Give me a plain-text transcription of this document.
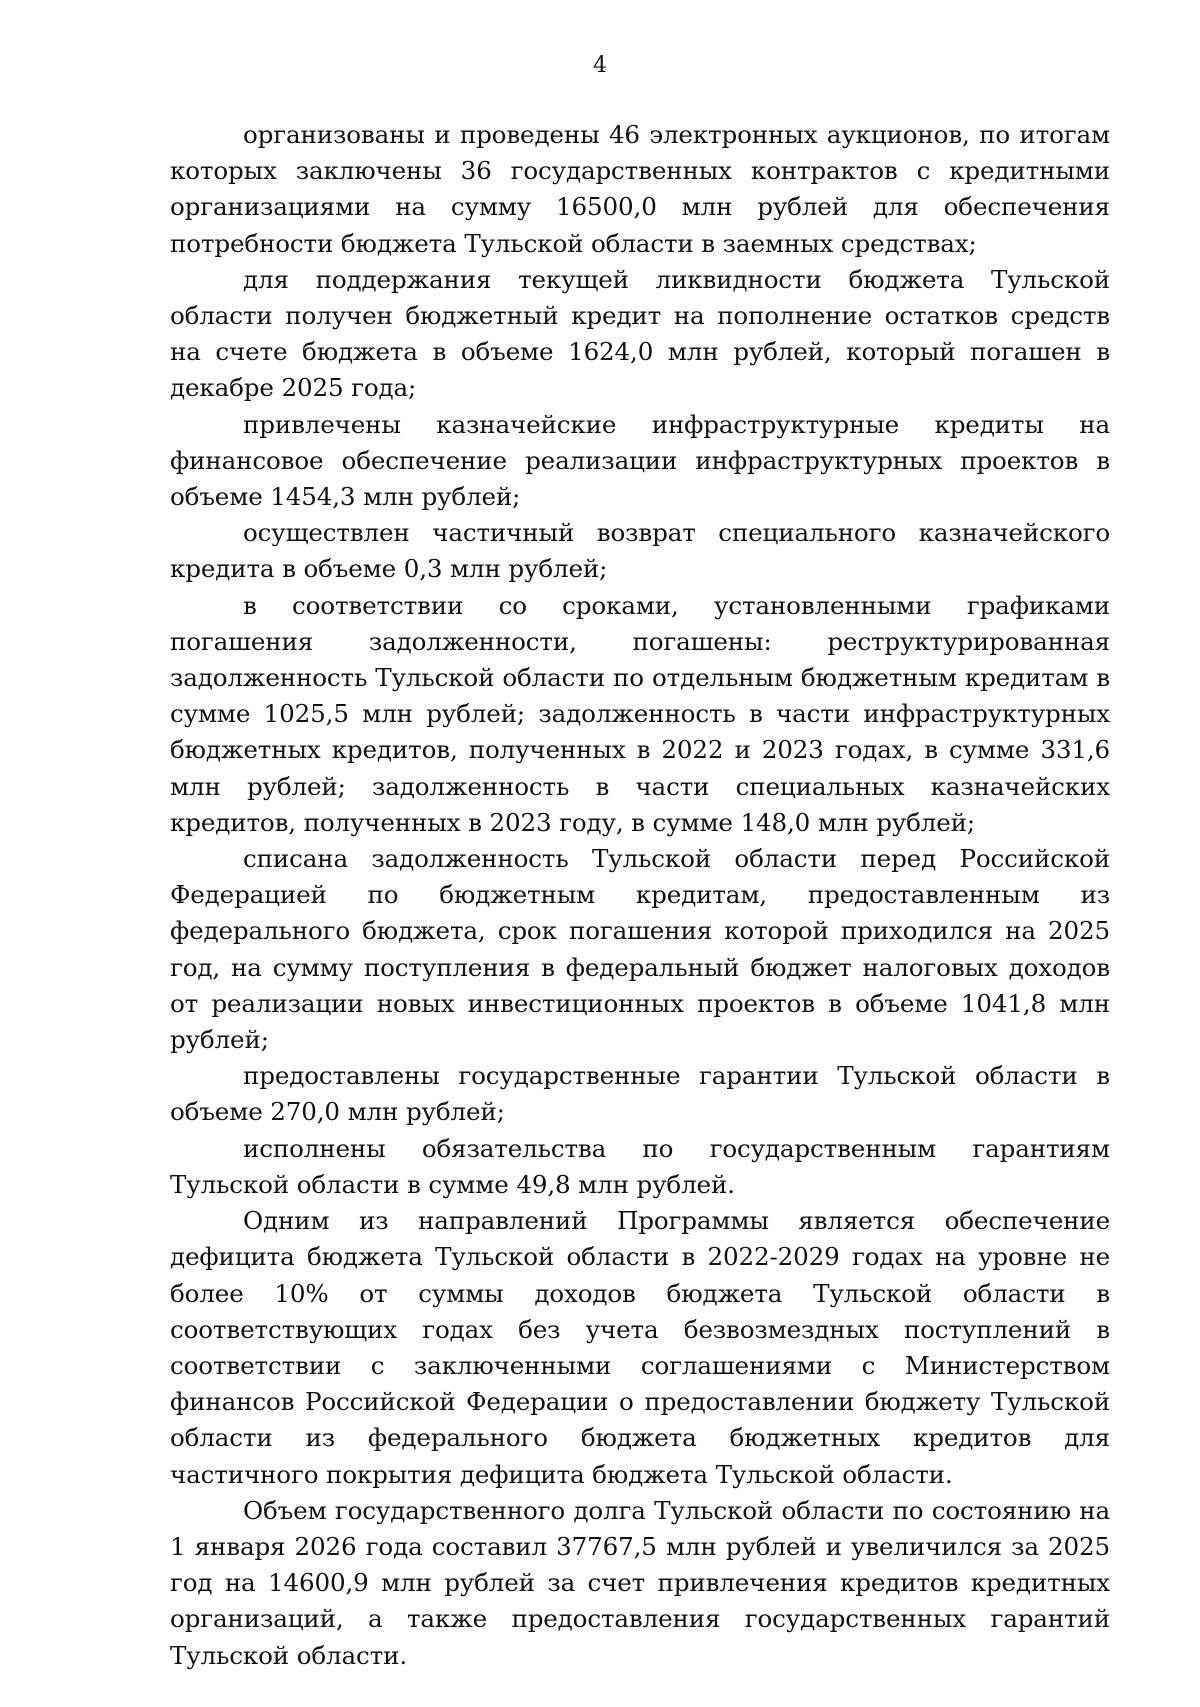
4

организованы и проведены 46 электронных аукционов, по итогам которых заключены 36 государственных контрактов с кредитными организациями на сумму 16500,0 млн рублей для обеспечения потребности бюджета Тульской области в заемных средствах;

для поддержания текущей ликвидности бюджета Тульской области получен бюджетный кредит на пополнение остатков средств на счете бюджета в объеме 1624,0 млн рублей, который погашен в декабре 2025 года;

привлечены казначейские инфраструктурные кредиты на финансовое обеспечение реализации инфраструктурных проектов в объеме 1454,3 млн рублей;

осуществлен частичный возврат специального казначейского кредита в объеме 0,3 млн рублей;

в соответствии со сроками, установленными графиками погашения задолженности, погашены: реструктурированная задолженность Тульской области по отдельным бюджетным кредитам в сумме 1025,5 млн рублей; задолженность в части инфраструктурных бюджетных кредитов, полученных в 2022 и 2023 годах, в сумме 331,6 млн рублей; задолженность в части специальных казначейских кредитов, полученных в 2023 году, в сумме 148,0 млн рублей;

списана задолженность Тульской области перед Российской Федерацией по бюджетным кредитам, предоставленным из федерального бюджета, срок погашения которой приходился на 2025 год, на сумму поступления в федеральный бюджет налоговых доходов от реализации новых инвестиционных проектов в объеме 1041,8 млн рублей;

предоставлены государственные гарантии Тульской области в объеме 270,0 млн рублей;

исполнены обязательства по государственным гарантиям Тульской области в сумме 49,8 млн рублей.

Одним из направлений Программы является обеспечение дефицита бюджета Тульской области в 2022-2029 годах на уровне не более 10% от суммы доходов бюджета Тульской области в соответствующих годах без учета безвозмездных поступлений в соответствии с заключенными соглашениями с Министерством финансов Российской Федерации о предоставлении бюджету Тульской области из федерального бюджета бюджетных кредитов для частичного покрытия дефицита бюджета Тульской области.

Объем государственного долга Тульской области по состоянию на 1 января 2026 года составил 37767,5 млн рублей и увеличился за 2025 год на 14600,9 млн рублей за счет привлечения кредитов кредитных организаций, а также предоставления государственных гарантий Тульской области.
